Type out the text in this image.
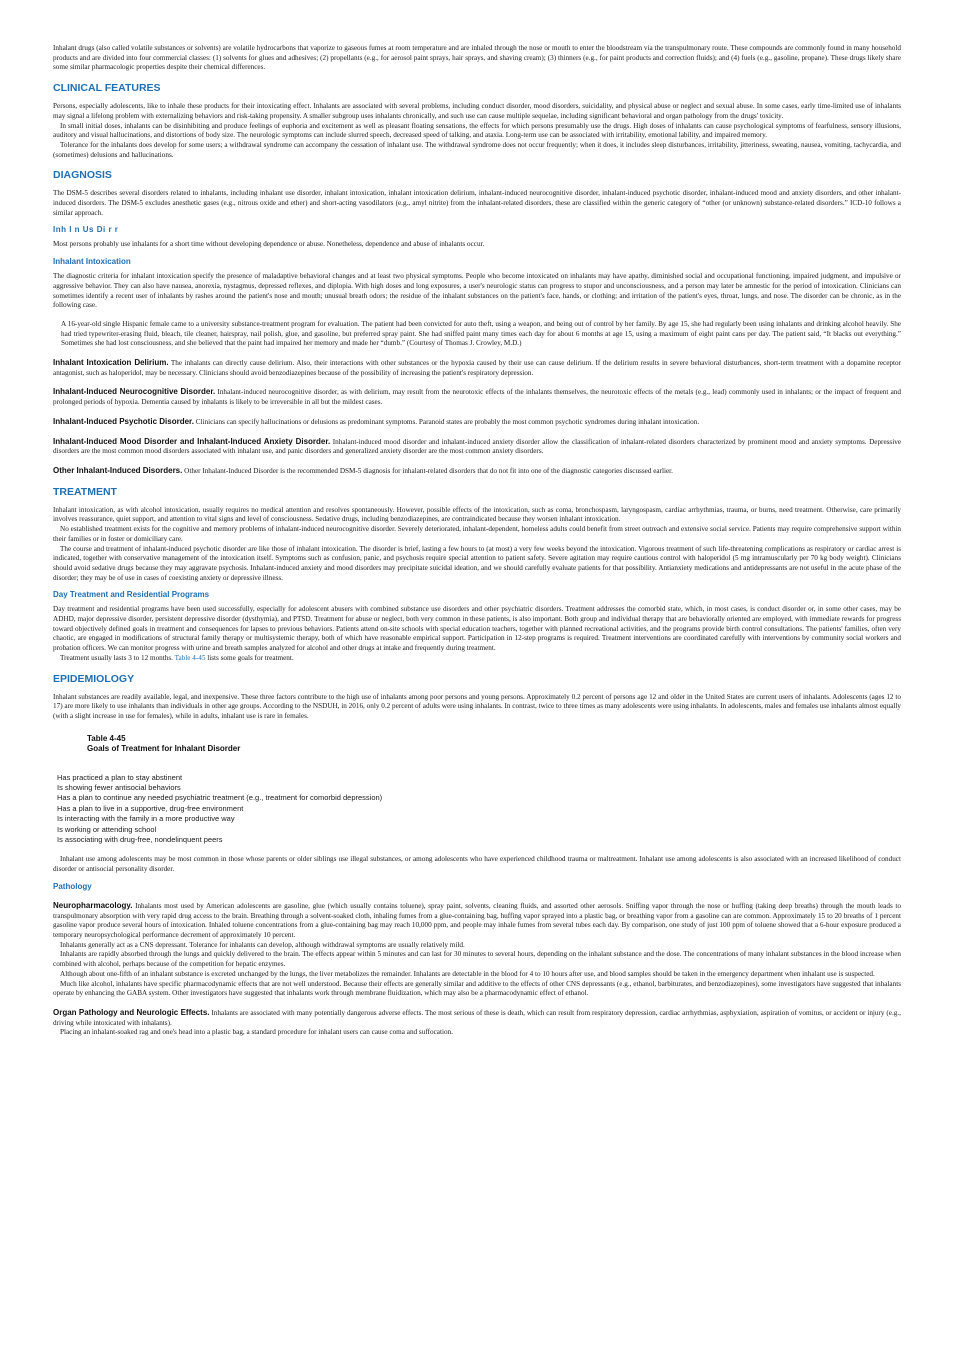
Inhalant drugs (also called volatile substances or solvents) are volatile hydrocarbons that vaporize to gaseous fumes at room temperature and are inhaled through the nose or mouth to enter the bloodstream via the transpulmonary route. These compounds are commonly found in many household products and are divided into four commercial classes: (1) solvents for glues and adhesives; (2) propellants (e.g., for aerosol paint sprays, hair sprays, and shaving cream); (3) thinners (e.g., for paint products and correction fluids); and (4) fuels (e.g., gasoline, propane). These drugs likely share some similar pharmacologic properties despite their chemical differences.

CLINICAL FEATURES

Persons, especially adolescents, like to inhale these products for their intoxicating effect. Inhalants are associated with several problems, including conduct disorder, mood disorders, suicidality, and physical abuse or neglect and sexual abuse. In some cases, early time-limited use of inhalants may signal a lifelong problem with externalizing behaviors and risk-taking propensity. A smaller subgroup uses inhalants chronically, and such use can cause multiple sequelae, including significant behavioral and organ pathology from the drugs' toxicity.

In small initial doses, inhalants can be disinhibiting and produce feelings of euphoria and excitement as well as pleasant floating sensations, the effects for which persons presumably use the drugs. High doses of inhalants can cause psychological symptoms of fearfulness, sensory illusions, auditory and visual hallucinations, and distortions of body size. The neurologic symptoms can include slurred speech, decreased speed of talking, and ataxia. Long-term use can be associated with irritability, emotional lability, and impaired memory.

Tolerance for the inhalants does develop for some users; a withdrawal syndrome can accompany the cessation of inhalant use. The withdrawal syndrome does not occur frequently; when it does, it includes sleep disturbances, irritability, jitteriness, sweating, nausea, vomiting, tachycardia, and (sometimes) delusions and hallucinations.

DIAGNOSIS

The DSM-5 describes several disorders related to inhalants, including inhalant use disorder, inhalant intoxication, inhalant intoxication delirium, inhalant-induced neurocognitive disorder, inhalant-induced psychotic disorder, inhalant-induced mood and anxiety disorders, and other inhalant-induced disorders. The DSM-5 excludes anesthetic gases (e.g., nitrous oxide and ether) and short-acting vasodilators (e.g., amyl nitrite) from the inhalant-related disorders, these are classified within the generic category of “other (or unknown) substance-related disorders.” ICD-10 follows a similar approach.

Inh l n Us Di r r

Most persons probably use inhalants for a short time without developing dependence or abuse. Nonetheless, dependence and abuse of inhalants occur.

Inhalant Intoxication

The diagnostic criteria for inhalant intoxication specify the presence of maladaptive behavioral changes and at least two physical symptoms. People who become intoxicated on inhalants may have apathy, diminished social and occupational functioning, impaired judgment, and impulsive or aggressive behavior. They can also have nausea, anorexia, nystagmus, depressed reflexes, and diplopia. With high doses and long exposures, a user's neurologic status can progress to stupor and unconsciousness, and a person may later be amnestic for the period of intoxication. Clinicians can sometimes identify a recent user of inhalants by rashes around the patient's nose and mouth; unusual breath odors; the residue of the inhalant substances on the patient's face, hands, or clothing; and irritation of the patient's eyes, throat, lungs, and nose. The disorder can be chronic, as in the following case.

A 16-year-old single Hispanic female came to a university substance-treatment program for evaluation. The patient had been convicted for auto theft, using a weapon, and being out of control by her family. By age 15, she had regularly been using inhalants and drinking alcohol heavily. She had tried typewriter-erasing fluid, bleach, tile cleaner, hairspray, nail polish, glue, and gasoline, but preferred spray paint. She had sniffed paint many times each day for about 6 months at age 15, using a maximum of eight paint cans per day. The patient said, “It blacks out everything.” Sometimes she had lost consciousness, and she believed that the paint had impaired her memory and made her “dumb.” (Courtesy of Thomas J. Crowley, M.D.)

Inhalant Intoxication Delirium. The inhalants can directly cause delirium. Also, their interactions with other substances or the hypoxia caused by their use can cause delirium. If the delirium results in severe behavioral disturbances, short-term treatment with a dopamine receptor antagonist, such as haloperidol, may be necessary. Clinicians should avoid benzodiazepines because of the possibility of increasing the patient's respiratory depression.

Inhalant-Induced Neurocognitive Disorder. Inhalant-induced neurocognitive disorder, as with delirium, may result from the neurotoxic effects of the inhalants themselves, the neurotoxic effects of the metals (e.g., lead) commonly used in inhalants; or the impact of frequent and prolonged periods of hypoxia. Dementia caused by inhalants is likely to be irreversible in all but the mildest cases.

Inhalant-Induced Psychotic Disorder. Clinicians can specify hallucinations or delusions as predominant symptoms. Paranoid states are probably the most common psychotic syndromes during inhalant intoxication.

Inhalant-Induced Mood Disorder and Inhalant-Induced Anxiety Disorder. Inhalant-induced mood disorder and inhalant-induced anxiety disorder allow the classification of inhalant-related disorders characterized by prominent mood and anxiety symptoms. Depressive disorders are the most common mood disorders associated with inhalant use, and panic disorders and generalized anxiety disorder are the most common anxiety disorders.

Other Inhalant-Induced Disorders. Other Inhalant-Induced Disorder is the recommended DSM-5 diagnosis for inhalant-related disorders that do not fit into one of the diagnostic categories discussed earlier.

TREATMENT

Inhalant intoxication, as with alcohol intoxication, usually requires no medical attention and resolves spontaneously. However, possible effects of the intoxication, such as coma, bronchospasm, laryngospasm, cardiac arrhythmias, trauma, or burns, need treatment. Otherwise, care primarily involves reassurance, quiet support, and attention to vital signs and level of consciousness. Sedative drugs, including benzodiazepines, are contraindicated because they worsen inhalant intoxication.

No established treatment exists for the cognitive and memory problems of inhalant-induced neurocognitive disorder. Severely deteriorated, inhalant-dependent, homeless adults could benefit from street outreach and extensive social service. Patients may require comprehensive support within their families or in foster or domiciliary care.

The course and treatment of inhalant-induced psychotic disorder are like those of inhalant intoxication. The disorder is brief, lasting a few hours to (at most) a very few weeks beyond the intoxication. Vigorous treatment of such life-threatening complications as respiratory or cardiac arrest is indicated, together with conservative management of the intoxication itself. Symptoms such as confusion, panic, and psychosis require special attention to patient safety. Severe agitation may require cautious control with haloperidol (5 mg intramuscularly per 70 kg body weight). Clinicians should avoid sedative drugs because they may aggravate psychosis. Inhalant-induced anxiety and mood disorders may precipitate suicidal ideation, and we should carefully evaluate patients for that possibility. Antianxiety medications and antidepressants are not useful in the acute phase of the disorder; they may be of use in cases of coexisting anxiety or depressive illness.

Day Treatment and Residential Programs

Day treatment and residential programs have been used successfully, especially for adolescent abusers with combined substance use disorders and other psychiatric disorders. Treatment addresses the comorbid state, which, in most cases, is conduct disorder or, in some other cases, may be ADHD, major depressive disorder, persistent depressive disorder (dysthymia), and PTSD. Treatment for abuse or neglect, both very common in these patients, is also important. Both group and individual therapy that are behaviorally oriented are employed, with immediate rewards for progress toward objectively defined goals in treatment and consequences for lapses to previous behaviors. Patients attend on-site schools with special education teachers, together with planned recreational activities, and the programs provide birth control consultations. The patients' families, often very chaotic, are engaged in modifications of structural family therapy or multisystemic therapy, both of which have reasonable empirical support. Participation in 12-step programs is required. Treatment interventions are coordinated carefully with interventions by community social workers and probation officers. We can monitor progress with urine and breath samples analyzed for alcohol and other drugs at intake and frequently during treatment.

Treatment usually lasts 3 to 12 months. Table 4-45 lists some goals for treatment.

EPIDEMIOLOGY

Inhalant substances are readily available, legal, and inexpensive. These three factors contribute to the high use of inhalants among poor persons and young persons. Approximately 0.2 percent of persons age 12 and older in the United States are current users of inhalants. Adolescents (ages 12 to 17) are more likely to use inhalants than individuals in other age groups. According to the NSDUH, in 2016, only 0.2 percent of adults were using inhalants. In contrast, twice to three times as many adolescents were using inhalants. In adolescents, males and females use inhalants almost equally (with a slight increase in use for females), while in adults, inhalant use is rare in females.

Table 4-45
Goals of Treatment for Inhalant Disorder
Has practiced a plan to stay abstinent
Is showing fewer antisocial behaviors
Has a plan to continue any needed psychiatric treatment (e.g., treatment for comorbid depression)
Has a plan to live in a supportive, drug-free environment
Is interacting with the family in a more productive way
Is working or attending school
Is associating with drug-free, nondelinquent peers

Inhalant use among adolescents may be most common in those whose parents or older siblings use illegal substances, or among adolescents who have experienced childhood trauma or maltreatment. Inhalant use among adolescents is also associated with an increased likelihood of conduct disorder or antisocial personality disorder.

Pathology

Neuropharmacology. Inhalants most used by American adolescents are gasoline, glue (which usually contains toluene), spray paint, solvents, cleaning fluids, and assorted other aerosols. Sniffing vapor through the nose or huffing (taking deep breaths) through the mouth leads to transpulmonary absorption with very rapid drug access to the brain. Breathing through a solvent-soaked cloth, inhaling fumes from a glue-containing bag, huffing vapor sprayed into a plastic bag, or breathing vapor from a gasoline can are common. Approximately 15 to 20 breaths of 1 percent gasoline vapor produce several hours of intoxication. Inhaled toluene concentrations from a glue-containing bag may reach 10,000 ppm, and people may inhale fumes from several tubes each day. By comparison, one study of just 100 ppm of toluene showed that a 6-hour exposure produced a temporary neuropsychological performance decrement of approximately 10 percent.

Inhalants generally act as a CNS depressant. Tolerance for inhalants can develop, although withdrawal symptoms are usually relatively mild.

Inhalants are rapidly absorbed through the lungs and quickly delivered to the brain. The effects appear within 5 minutes and can last for 30 minutes to several hours, depending on the inhalant substance and the dose. The concentrations of many inhalant substances in the blood increase when combined with alcohol, perhaps because of the competition for hepatic enzymes.

Although about one-fifth of an inhalant substance is excreted unchanged by the lungs, the liver metabolizes the remainder. Inhalants are detectable in the blood for 4 to 10 hours after use, and blood samples should be taken in the emergency department when inhalant use is suspected.

Much like alcohol, inhalants have specific pharmacodynamic effects that are not well understood. Because their effects are generally similar and additive to the effects of other CNS depressants (e.g., ethanol, barbiturates, and benzodiazepines), some investigators have suggested that inhalants operate by enhancing the GABA system. Other investigators have suggested that inhalants work through membrane fluidization, which may also be a pharmacodynamic effect of ethanol.

Organ Pathology and Neurologic Effects. Inhalants are associated with many potentially dangerous adverse effects. The most serious of these is death, which can result from respiratory depression, cardiac arrhythmias, asphyxiation, aspiration of vomitus, or accident or injury (e.g., driving while intoxicated with inhalants).

Placing an inhalant-soaked rag and one's head into a plastic bag, a standard procedure for inhalant users can cause coma and suffocation.
